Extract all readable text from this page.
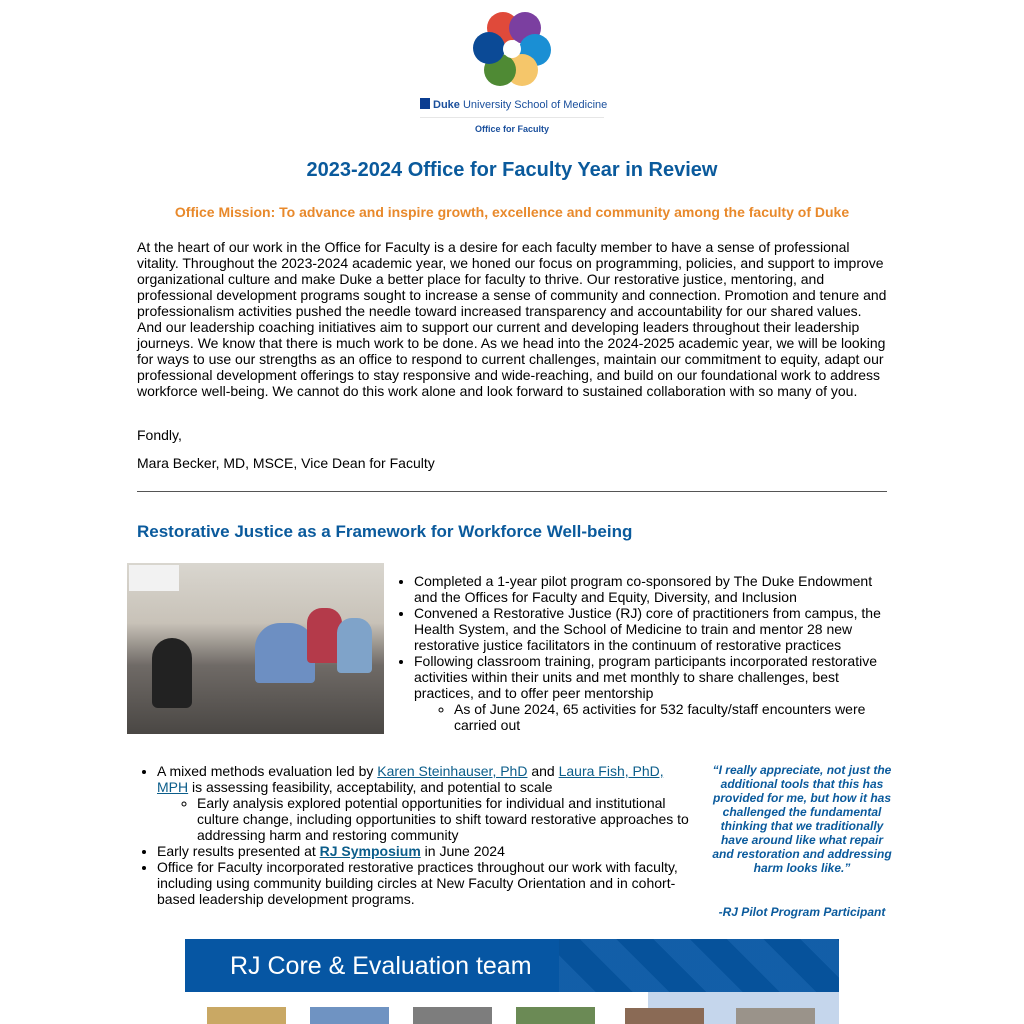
Duke University School of Medicine
Office for Faculty
2023-2024 Office for Faculty Year in Review
Office Mission: To advance and inspire growth, excellence and community among the faculty of Duke
At the heart of our work in the Office for Faculty is a desire for each faculty member to have a sense of professional vitality. Throughout the 2023-2024 academic year, we honed our focus on programming, policies, and support to improve organizational culture and make Duke a better place for faculty to thrive. Our restorative justice, mentoring, and professional development programs sought to increase a sense of community and connection. Promotion and tenure and professionalism activities pushed the needle toward increased transparency and accountability for our shared values. And our leadership coaching initiatives aim to support our current and developing leaders throughout their leadership journeys. We know that there is much work to be done. As we head into the 2024-2025 academic year, we will be looking for ways to use our strengths as an office to respond to current challenges, maintain our commitment to equity, adapt our professional development offerings to stay responsive and wide-reaching, and build on our foundational work to address workforce well-being. We cannot do this work alone and look forward to sustained collaboration with so many of you.
Fondly,
Mara Becker, MD, MSCE, Vice Dean for Faculty
Restorative Justice as a Framework for Workforce Well-being
• Completed a 1-year pilot program co-sponsored by The Duke Endowment and the Offices for Faculty and Equity, Diversity, and Inclusion
• Convened a Restorative Justice (RJ) core of practitioners from campus, the Health System, and the School of Medicine to train and mentor 28 new restorative justice facilitators in the continuum of restorative practices
• Following classroom training, program participants incorporated restorative activities within their units and met monthly to share challenges, best practices, and to offer peer mentorship
◦ As of June 2024, 65 activities for 532 faculty/staff encounters were carried out
• A mixed methods evaluation led by Karen Steinhauser, PhD and Laura Fish, PhD, MPH is assessing feasibility, acceptability, and potential to scale
◦ Early analysis explored potential opportunities for individual and institutional culture change, including opportunities to shift toward restorative approaches to addressing harm and restoring community
• Early results presented at RJ Symposium in June 2024
• Office for Faculty incorporated restorative practices throughout our work with faculty, including using community building circles at New Faculty Orientation and in cohort-based leadership development programs.
“I really appreciate, not just the additional tools that this has provided for me, but how it has challenged the fundamental thinking that we traditionally have around like what repair and restoration and addressing harm looks like.”
-RJ Pilot Program Participant
RJ Core & Evaluation team
